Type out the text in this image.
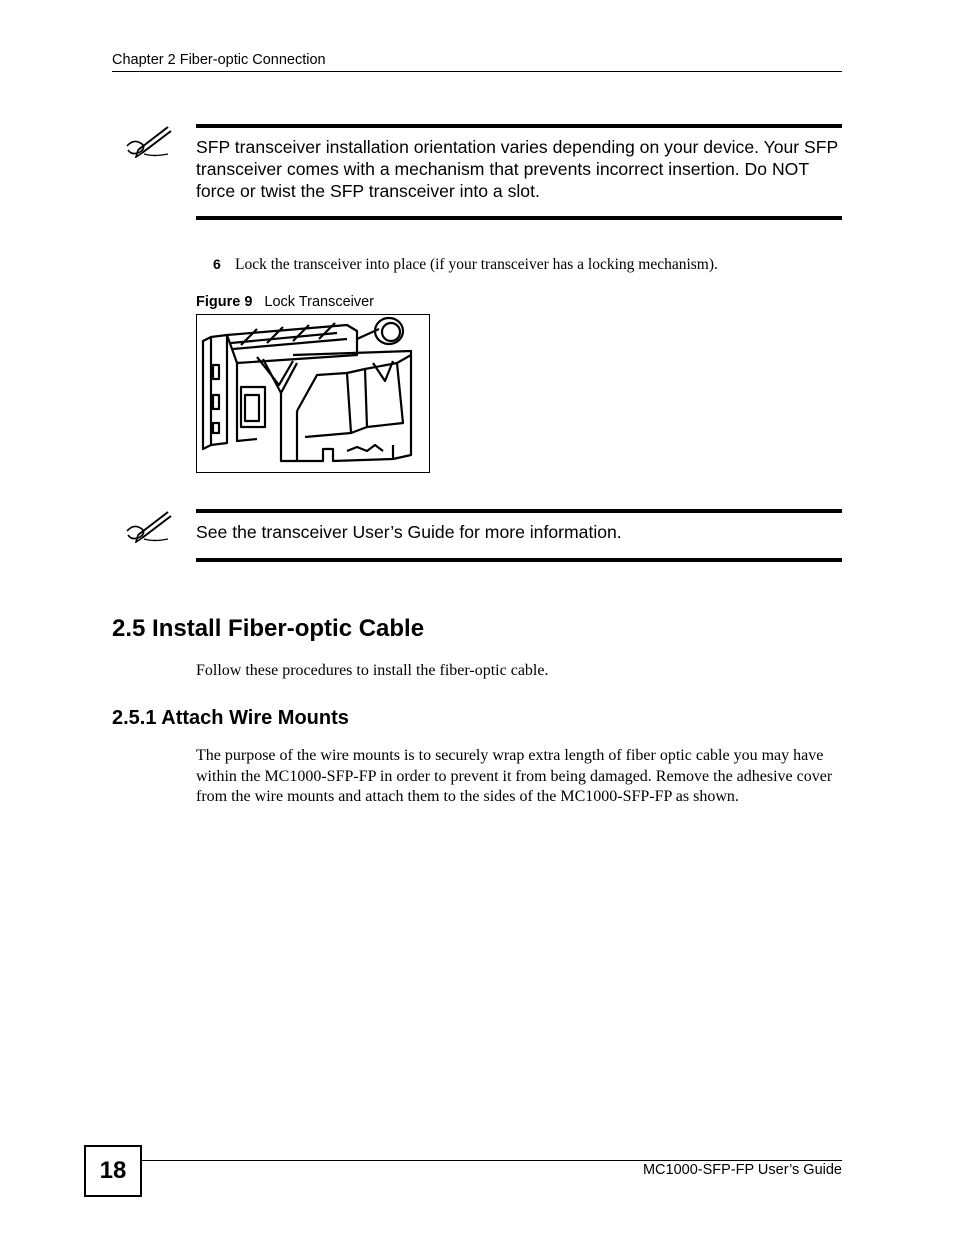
Chapter 2 Fiber-optic Connection
SFP transceiver installation orientation varies depending on your device. Your SFP transceiver comes with a mechanism that prevents incorrect insertion. Do NOT force or twist the SFP transceiver into a slot.
6 Lock the transceiver into place (if your transceiver has a locking mechanism).
Figure 9 Lock Transceiver
See the transceiver User’s Guide for more information.
2.5 Install Fiber-optic Cable
Follow these procedures to install the fiber-optic cable.
2.5.1 Attach Wire Mounts
The purpose of the wire mounts is to securely wrap extra length of fiber optic cable you may have within the MC1000-SFP-FP in order to prevent it from being damaged. Remove the adhesive cover from the wire mounts and attach them to the sides of the MC1000-SFP-FP as shown.
18	MC1000-SFP-FP User’s Guide
